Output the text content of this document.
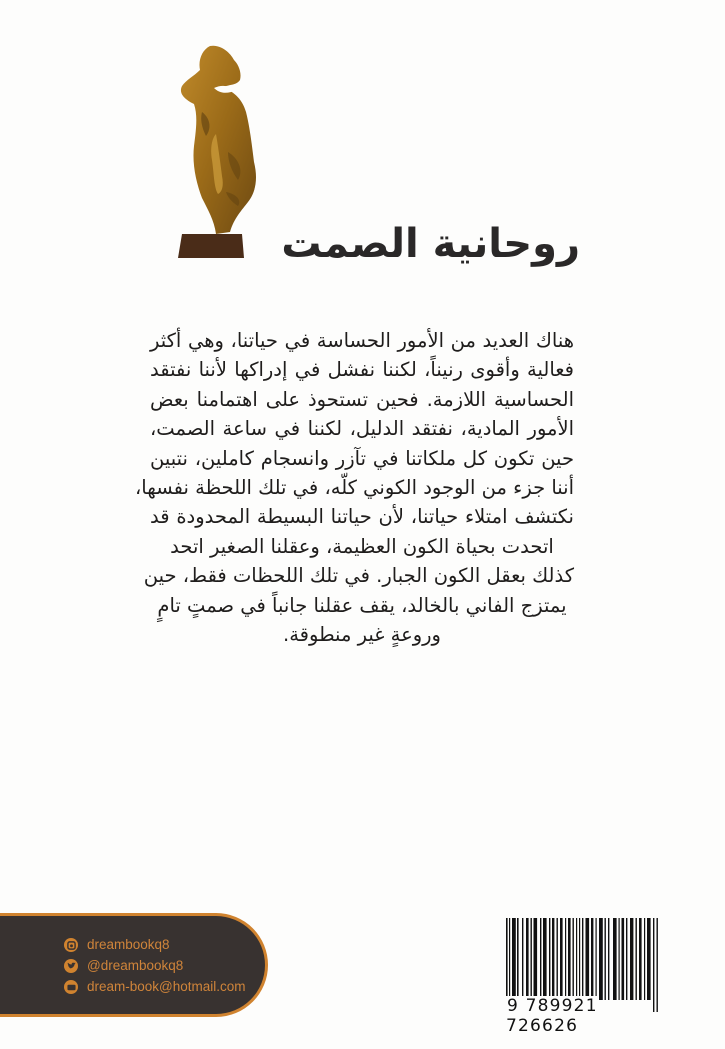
روحانية الصمت
هناك العديد من الأمور الحساسة في حياتنا، وهي أكثر
فعالية وأقوى رنيناً، لكننا نفشل في إدراكها لأننا نفتقد
الحساسية اللازمة. فحين تستحوذ على اهتمامنا بعض
الأمور المادية، نفتقد الدليل، لكننا في ساعة الصمت،
حين تكون كل ملكاتنا في تآزر وانسجام كاملين، نتبين
أننا جزء من الوجود الكوني كلّه، في تلك اللحظة نفسها،
نكتشف امتلاء حياتنا، لأن حياتنا البسيطة المحدودة قد
اتحدت بحياة الكون العظيمة، وعقلنا الصغير اتحد
كذلك بعقل الكون الجبار. في تلك اللحظات فقط، حين
يمتزج الفاني بالخالد، يقف عقلنا جانباً في صمتٍ تامٍ
وروعةٍ غير منطوقة.
dreambookq8
@dreambookq8
dream-book@hotmail.com
9 789921 726626
